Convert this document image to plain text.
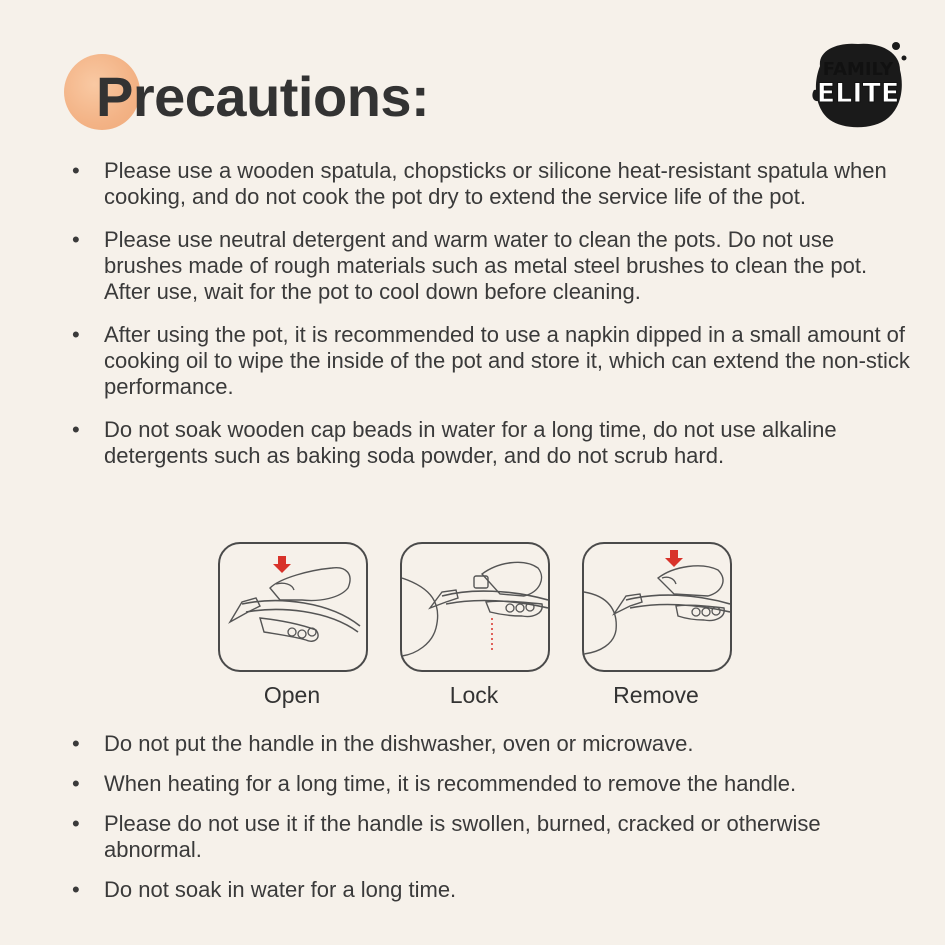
Precautions:	FAMILY
ELITE
•	Please use a wooden spatula, chopsticks or silicone heat-resistant spatula when cooking, and do not cook the pot dry to extend the service life of the pot.
•	Please use neutral detergent and warm water to clean the pots. Do not use brushes made of rough materials such as metal steel brushes to clean the pot. After use, wait for the pot to cool down before cleaning.
•	After using the pot, it is recommended to use a napkin dipped in a small amount of cooking oil to wipe the inside of the pot and store it, which can extend the non-stick performance.
•	Do not soak wooden cap beads in water for a long time, do not use alkaline detergents such as baking soda powder, and do not scrub hard.
Open	Lock	Remove
•	Do not put the handle in the dishwasher, oven or microwave.
•	When heating for a long time, it is recommended to remove the handle.
•	Please do not use it if the handle is swollen, burned, cracked or otherwise abnormal.
•	Do not soak in water for a long time.
